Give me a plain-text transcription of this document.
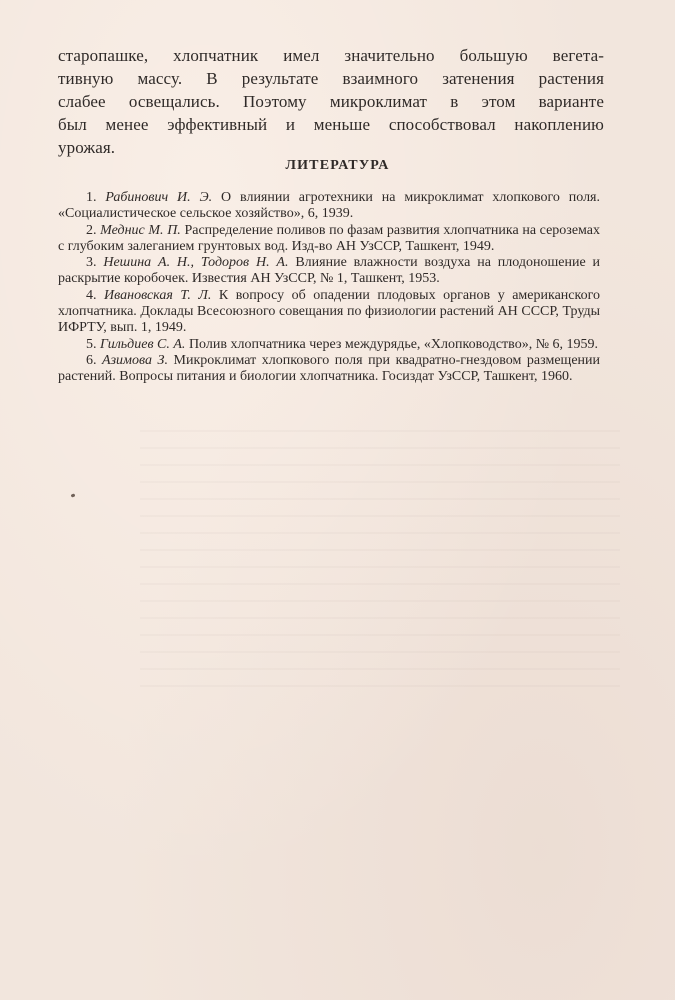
старопашке, хлопчатник имел значительно большую вегета-
тивную массу. В результате взаимного затенения растения
слабее освещались. Поэтому микроклимат в этом варианте
был менее эффективный и меньше способствовал накоплению
урожая.

ЛИТЕРАТУРА
1. Рабинович И. Э. О влиянии агротехники на микроклимат хлопкового поля. «Социалистическое сельское хозяйство», 6, 1939.
2. Меднис М. П. Распределение поливов по фазам развития хлопчатника на сероземах с глубоким залеганием грунтовых вод. Изд-во АН УзССР, Ташкент, 1949.
3. Нешина А. Н., Тодоров Н. А. Влияние влажности воздуха на плодоношение и раскрытие коробочек. Известия АН УзССР, № 1, Ташкент, 1953.
4. Ивановская Т. Л. К вопросу об опадении плодовых органов у американского хлопчатника. Доклады Всесоюзного совещания по физиологии растений АН СССР, Труды ИФРТУ, вып. 1, 1949.
5. Гильдиев С. А. Полив хлопчатника через междурядье, «Хлопководство», № 6, 1959.
6. Азимова З. Микроклимат хлопкового поля при квадратно-гнездовом размещении растений. Вопросы питания и биологии хлопчатника. Госиздат УзССР, Ташкент, 1960.
